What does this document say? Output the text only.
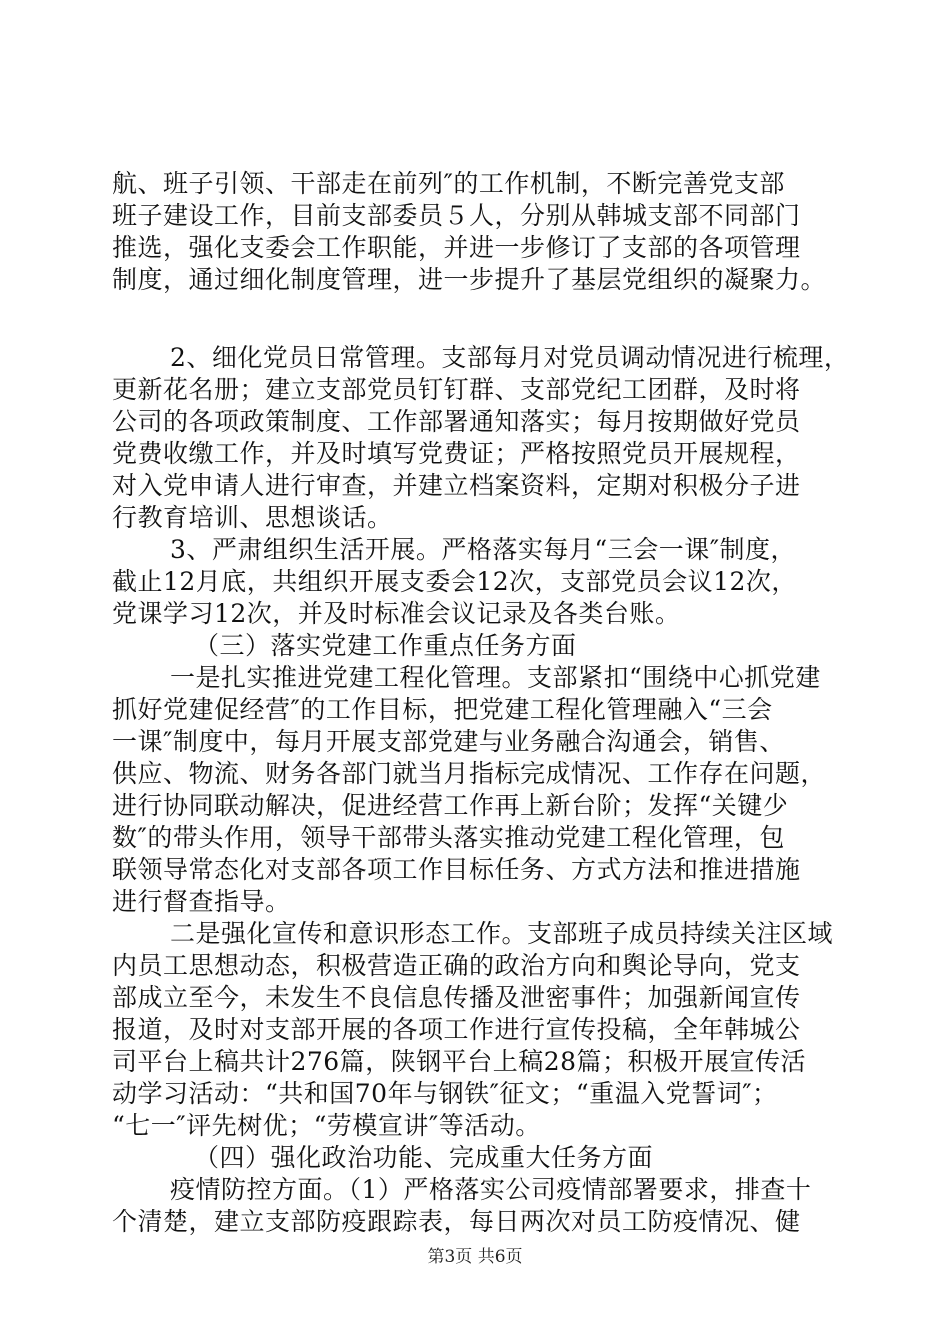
航、班子引领、干部走在前列″的工作机制，不断完善党支部
班子建设工作，目前支部委员５人，分别从韩城支部不同部门
推选，强化支委会工作职能，并进一步修订了支部的各项管理
制度，通过细化制度管理，进一步提升了基层党组织的凝聚力。
2、细化党员日常管理。支部每月对党员调动情况进行梳理，
更新花名册；建立支部党员钉钉群、支部党纪工团群，及时将
公司的各项政策制度、工作部署通知落实；每月按期做好党员
党费收缴工作，并及时填写党费证；严格按照党员开展规程，
对入党申请人进行审查，并建立档案资料，定期对积极分子进
行教育培训、思想谈话。
3、严肃组织生活开展。严格落实每月“三会一课″制度，
截止12月底，共组织开展支委会12次，支部党员会议12次，
党课学习12次，并及时标准会议记录及各类台账。
（三）落实党建工作重点任务方面
一是扎实推进党建工程化管理。支部紧扣“围绕中心抓党建
抓好党建促经营″的工作目标，把党建工程化管理融入“三会
一课″制度中，每月开展支部党建与业务融合沟通会，销售、
供应、物流、财务各部门就当月指标完成情况、工作存在问题，
进行协同联动解决，促进经营工作再上新台阶；发挥“关键少
数″的带头作用，领导干部带头落实推动党建工程化管理，包
联领导常态化对支部各项工作目标任务、方式方法和推进措施
进行督查指导。
二是强化宣传和意识形态工作。支部班子成员持续关注区域
内员工思想动态，积极营造正确的政治方向和舆论导向，党支
部成立至今，未发生不良信息传播及泄密事件；加强新闻宣传
报道，及时对支部开展的各项工作进行宣传投稿，全年韩城公
司平台上稿共计276篇，陕钢平台上稿28篇；积极开展宣传活
动学习活动：“共和国70年与钢铁″征文；“重温入党誓词″；
“七一″评先树优；“劳模宣讲″等活动。
（四）强化政治功能、完成重大任务方面
疫情防控方面。（1）严格落实公司疫情部署要求，排查十
个清楚，建立支部防疫跟踪表，每日两次对员工防疫情况、健
第3页 共6页
